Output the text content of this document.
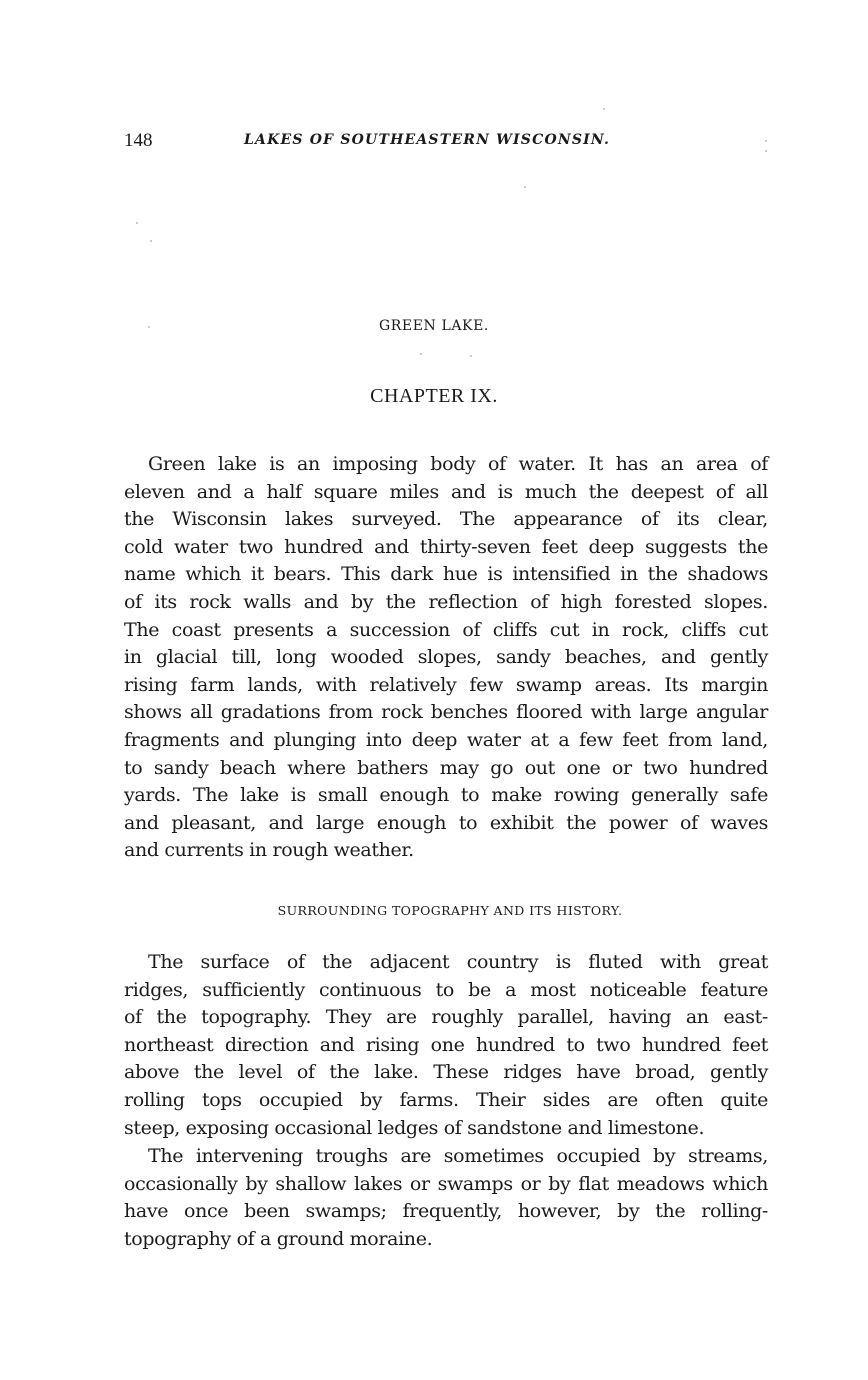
148	LAKES OF SOUTHEASTERN WISCONSIN.
GREEN LAKE.
CHAPTER IX.
Green lake is an imposing body of water. It has an area of
eleven and a half square miles and is much the deepest of all
the Wisconsin lakes surveyed. The appearance of its clear,
cold water two hundred and thirty-seven feet deep suggests the
name which it bears. This dark hue is intensified in the shadows
of its rock walls and by the reflection of high forested slopes.
The coast presents a succession of cliffs cut in rock, cliffs cut
in glacial till, long wooded slopes, sandy beaches, and gently
rising farm lands, with relatively few swamp areas. Its margin
shows all gradations from rock benches floored with large angular
fragments and plunging into deep water at a few feet from land,
to sandy beach where bathers may go out one or two hundred
yards. The lake is small enough to make rowing generally safe
and pleasant, and large enough to exhibit the power of waves
and currents in rough weather.
SURROUNDING TOPOGRAPHY AND ITS HISTORY.
The surface of the adjacent country is fluted with great
ridges, sufficiently continuous to be a most noticeable feature
of the topography. They are roughly parallel, having an east-
northeast direction and rising one hundred to two hundred feet
above the level of the lake. These ridges have broad, gently
rolling tops occupied by farms. Their sides are often quite
steep, exposing occasional ledges of sandstone and limestone.
The intervening troughs are sometimes occupied by streams,
occasionally by shallow lakes or swamps or by flat meadows which
have once been swamps; frequently, however, by the rolling-
topography of a ground moraine.
